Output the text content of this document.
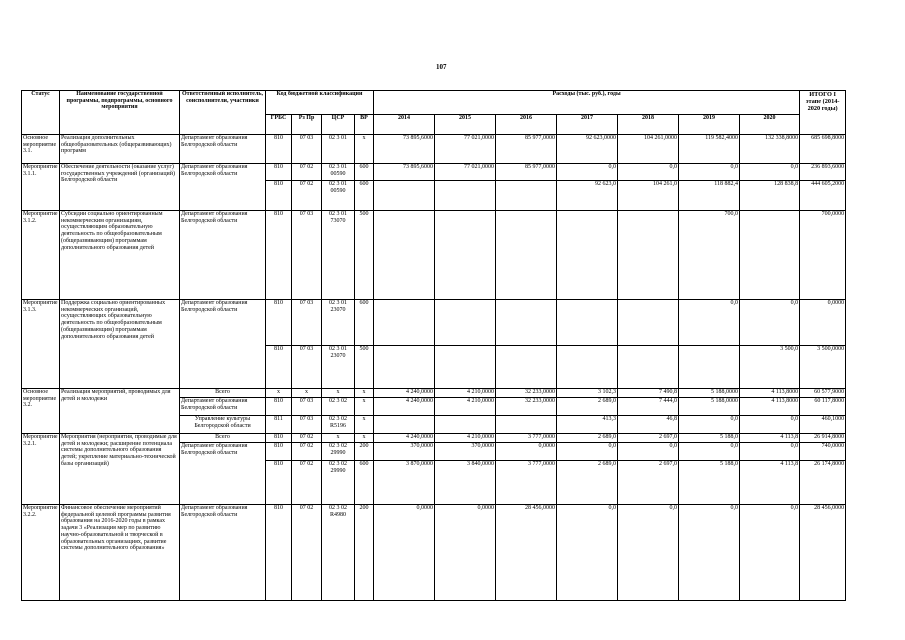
107
Статус	Наименование государственной программы, подпрограммы, основного мероприятия	Ответственный исполнитель, соисполнители, участники	Код бюджетной классификации				Расходы (тыс. руб.), годы							ИТОГО I этапе (2014-2020 годы)
			ГРБС	Рз Пр	ЦСР	ВР	2014	2015	2016	2017	2018	2019	2020	
Основное мероприятие 3.1.	Реализация дополнительных общеобразовательных (общеразвивающих) программ	Департамент образования Белгородской области	810	07 03	02 3 01	x	73 895,6000	77 021,0000	85 977,0000	92 623,0000	104 261,0000	119 582,4000	132 338,8000	685 698,8000
Мероприятие 3.1.1.	Обеспечение деятельности (оказание услуг) государственных учреждений (организаций) Белгородской области	Департамент образования Белгородской области	810	07 02	02 3 01 00590	600	73 895,6000	77 021,0000	85 977,0000	0,0	0,0	0,0	0,0	236 893,6000
			810	07 02	02 3 01 00590	600				92 623,0	104 261,0	118 882,4	128 838,8	444 605,2000
Мероприятие 3.1.2.	Субсидии социально ориентированным некоммерческим организациям, осуществляющим образовательную деятельность по общеобразовательным (общеразвивающим) программам дополнительного образования детей	Департамент образования Белгородской области	810	07 03	02 3 01 73070	500						700,0		700,0000
Мероприятие 3.1.3.	Поддержка социально ориентированных некоммерческих организаций, осуществляющих образовательную деятельность по общеобразовательным (общеразвивающим) программам дополнительного образования детей	Департамент образования Белгородской области	810	07 03	02 3 01 23070	600						0,0	0,0	0,0000
			810	07 03	02 3 01 23070	500							3 500,0	3 500,0000
Основное мероприятие 3.2.	Реализация мероприятий, проводимых для детей и молодежи	Всего	x	x	x	x	4 240,0000	4 210,0000	32 233,0000	3 102,3	7 490,8	5 188,0000	4 113,8000	60 577,9000
		Департамент образования Белгородской области	810	07 03	02 3 02	x	4 240,0000	4 210,0000	32 233,0000	2 689,0	7 444,0	5 188,0000	4 113,8000	60 117,8000
		Управление культуры Белгородской области	811	07 03	02 3 02 R5196	x				413,3	46,8	0,0	0,0	460,1000
Мероприятие 3.2.1.	Мероприятия (нероприятия, проводимые для детей и молодежи; расширение потенциала системы дополнительного образования детей; укрепление материально-технической базы организаций)	Всего	810	07 02	x	x	4 240,0000	4 210,0000	3 777,0000	2 689,0	2 697,0	5 188,0	4 113,8	26 914,8000
		Департамент образования Белгородской области	810	07 02	02 3 02 29990	200	370,0000	370,0000	0,0000	0,0	0,0	0,0	0,0	740,0000
			810	07 02	02 3 02 29990	600	3 870,0000	3 840,0000	3 777,0000	2 689,0	2 697,0	5 188,0	4 113,8	26 174,8000
Мероприятие 3.2.2.	Финансовое обеспечение мероприятий федеральной целевой программы развития образования на 2016-2020 годы в рамках задачи 3 «Реализация мер по развитию научно-образовательной и творческой в образовательных организациях, развитие системы дополнительного образования»	Департамент образования Белгородской области	810	07 02	02 3 02 R4980	200	0,0000	0,0000	28 456,0000	0,0	0,0	0,0	0,0	28 456,0000
